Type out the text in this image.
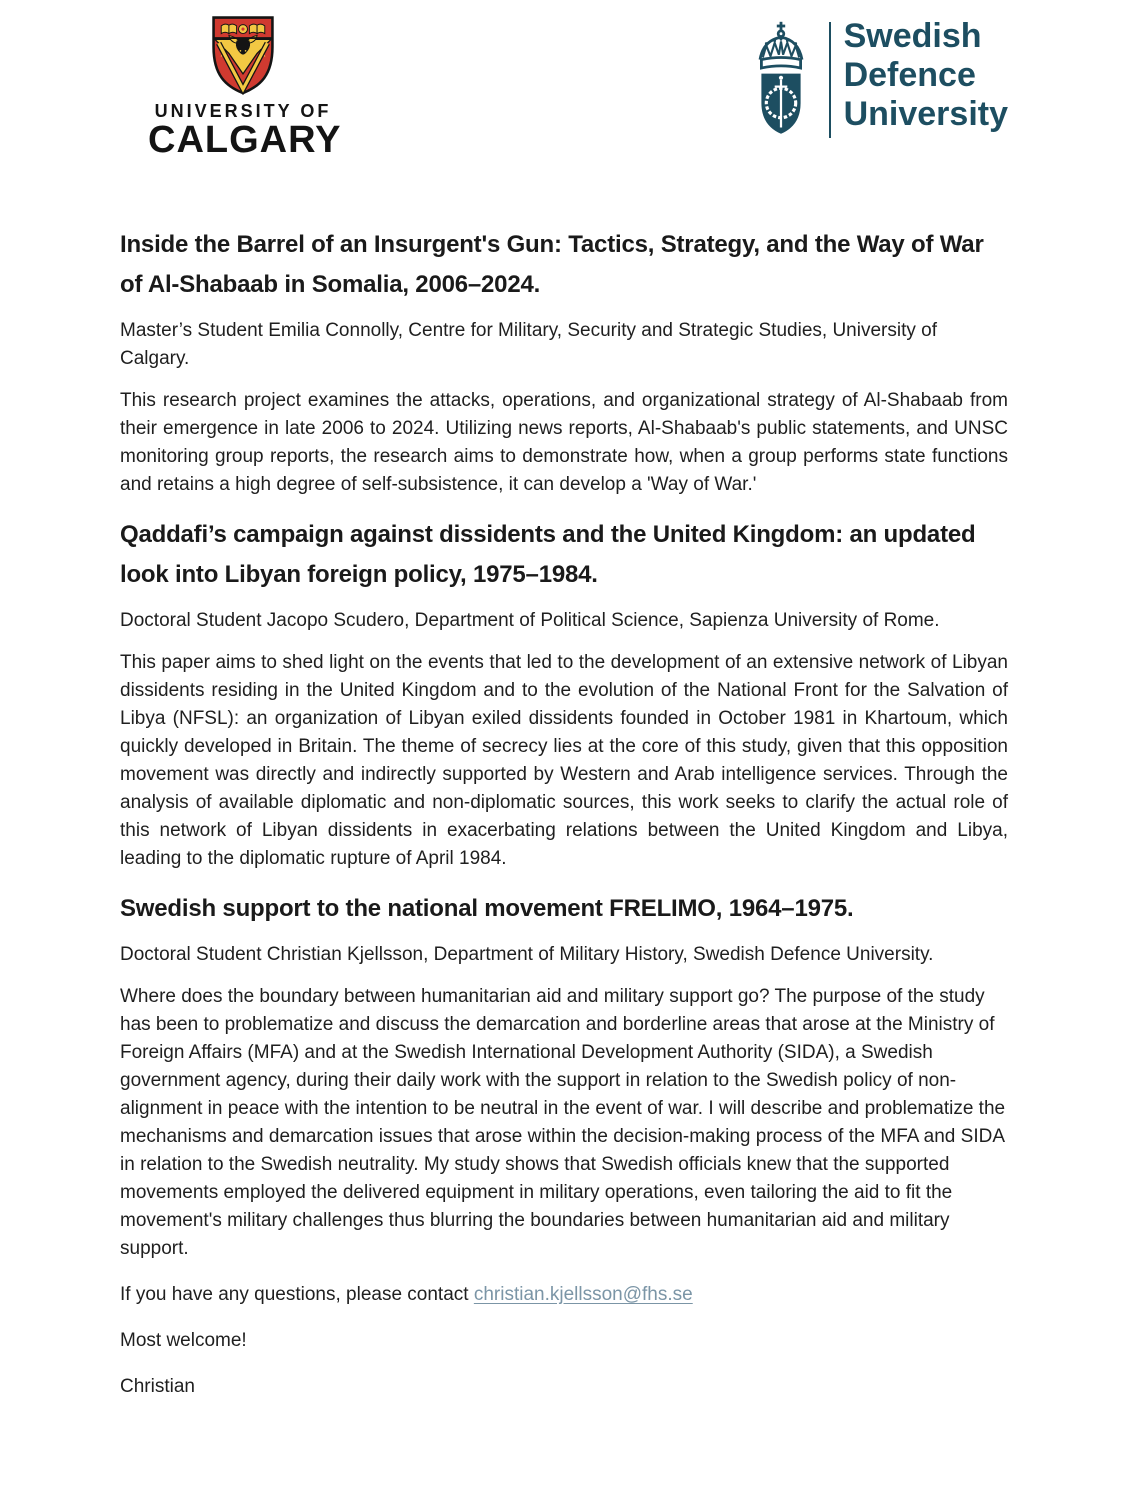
UNIVERSITY OF
CALGARY
Swedish
Defence
University
Inside the Barrel of an Insurgent's Gun: Tactics, Strategy, and the Way of War of Al-Shabaab in Somalia, 2006–2024.

Master’s Student Emilia Connolly, Centre for Military, Security and Strategic Studies, University of Calgary.

This research project examines the attacks, operations, and organizational strategy of Al-Shabaab from their emergence in late 2006 to 2024. Utilizing news reports, Al-Shabaab's public statements, and UNSC monitoring group reports, the research aims to demonstrate how, when a group performs state functions and retains a high degree of self-subsistence, it can develop a 'Way of War.'

Qaddafi’s campaign against dissidents and the United Kingdom: an updated look into Libyan foreign policy, 1975–1984.

Doctoral Student Jacopo Scudero, Department of Political Science, Sapienza University of Rome.

This paper aims to shed light on the events that led to the development of an extensive network of Libyan dissidents residing in the United Kingdom and to the evolution of the National Front for the Salvation of Libya (NFSL): an organization of Libyan exiled dissidents founded in October 1981 in Khartoum, which quickly developed in Britain. The theme of secrecy lies at the core of this study, given that this opposition movement was directly and indirectly supported by Western and Arab intelligence services. Through the analysis of available diplomatic and non-diplomatic sources, this work seeks to clarify the actual role of this network of Libyan dissidents in exacerbating relations between the United Kingdom and Libya, leading to the diplomatic rupture of April 1984.

Swedish support to the national movement FRELIMO, 1964–1975.

Doctoral Student Christian Kjellsson, Department of Military History, Swedish Defence University.

Where does the boundary between humanitarian aid and military support go? The purpose of the study has been to problematize and discuss the demarcation and borderline areas that arose at the Ministry of Foreign Affairs (MFA) and at the Swedish International Development Authority (SIDA), a Swedish government agency, during their daily work with the support in relation to the Swedish policy of non-alignment in peace with the intention to be neutral in the event of war. I will describe and problematize the mechanisms and demarcation issues that arose within the decision-making process of the MFA and SIDA in relation to the Swedish neutrality. My study shows that Swedish officials knew that the supported movements employed the delivered equipment in military operations, even tailoring the aid to fit the movement's military challenges thus blurring the boundaries between humanitarian aid and military support.

If you have any questions, please contact christian.kjellsson@fhs.se

Most welcome!

Christian
